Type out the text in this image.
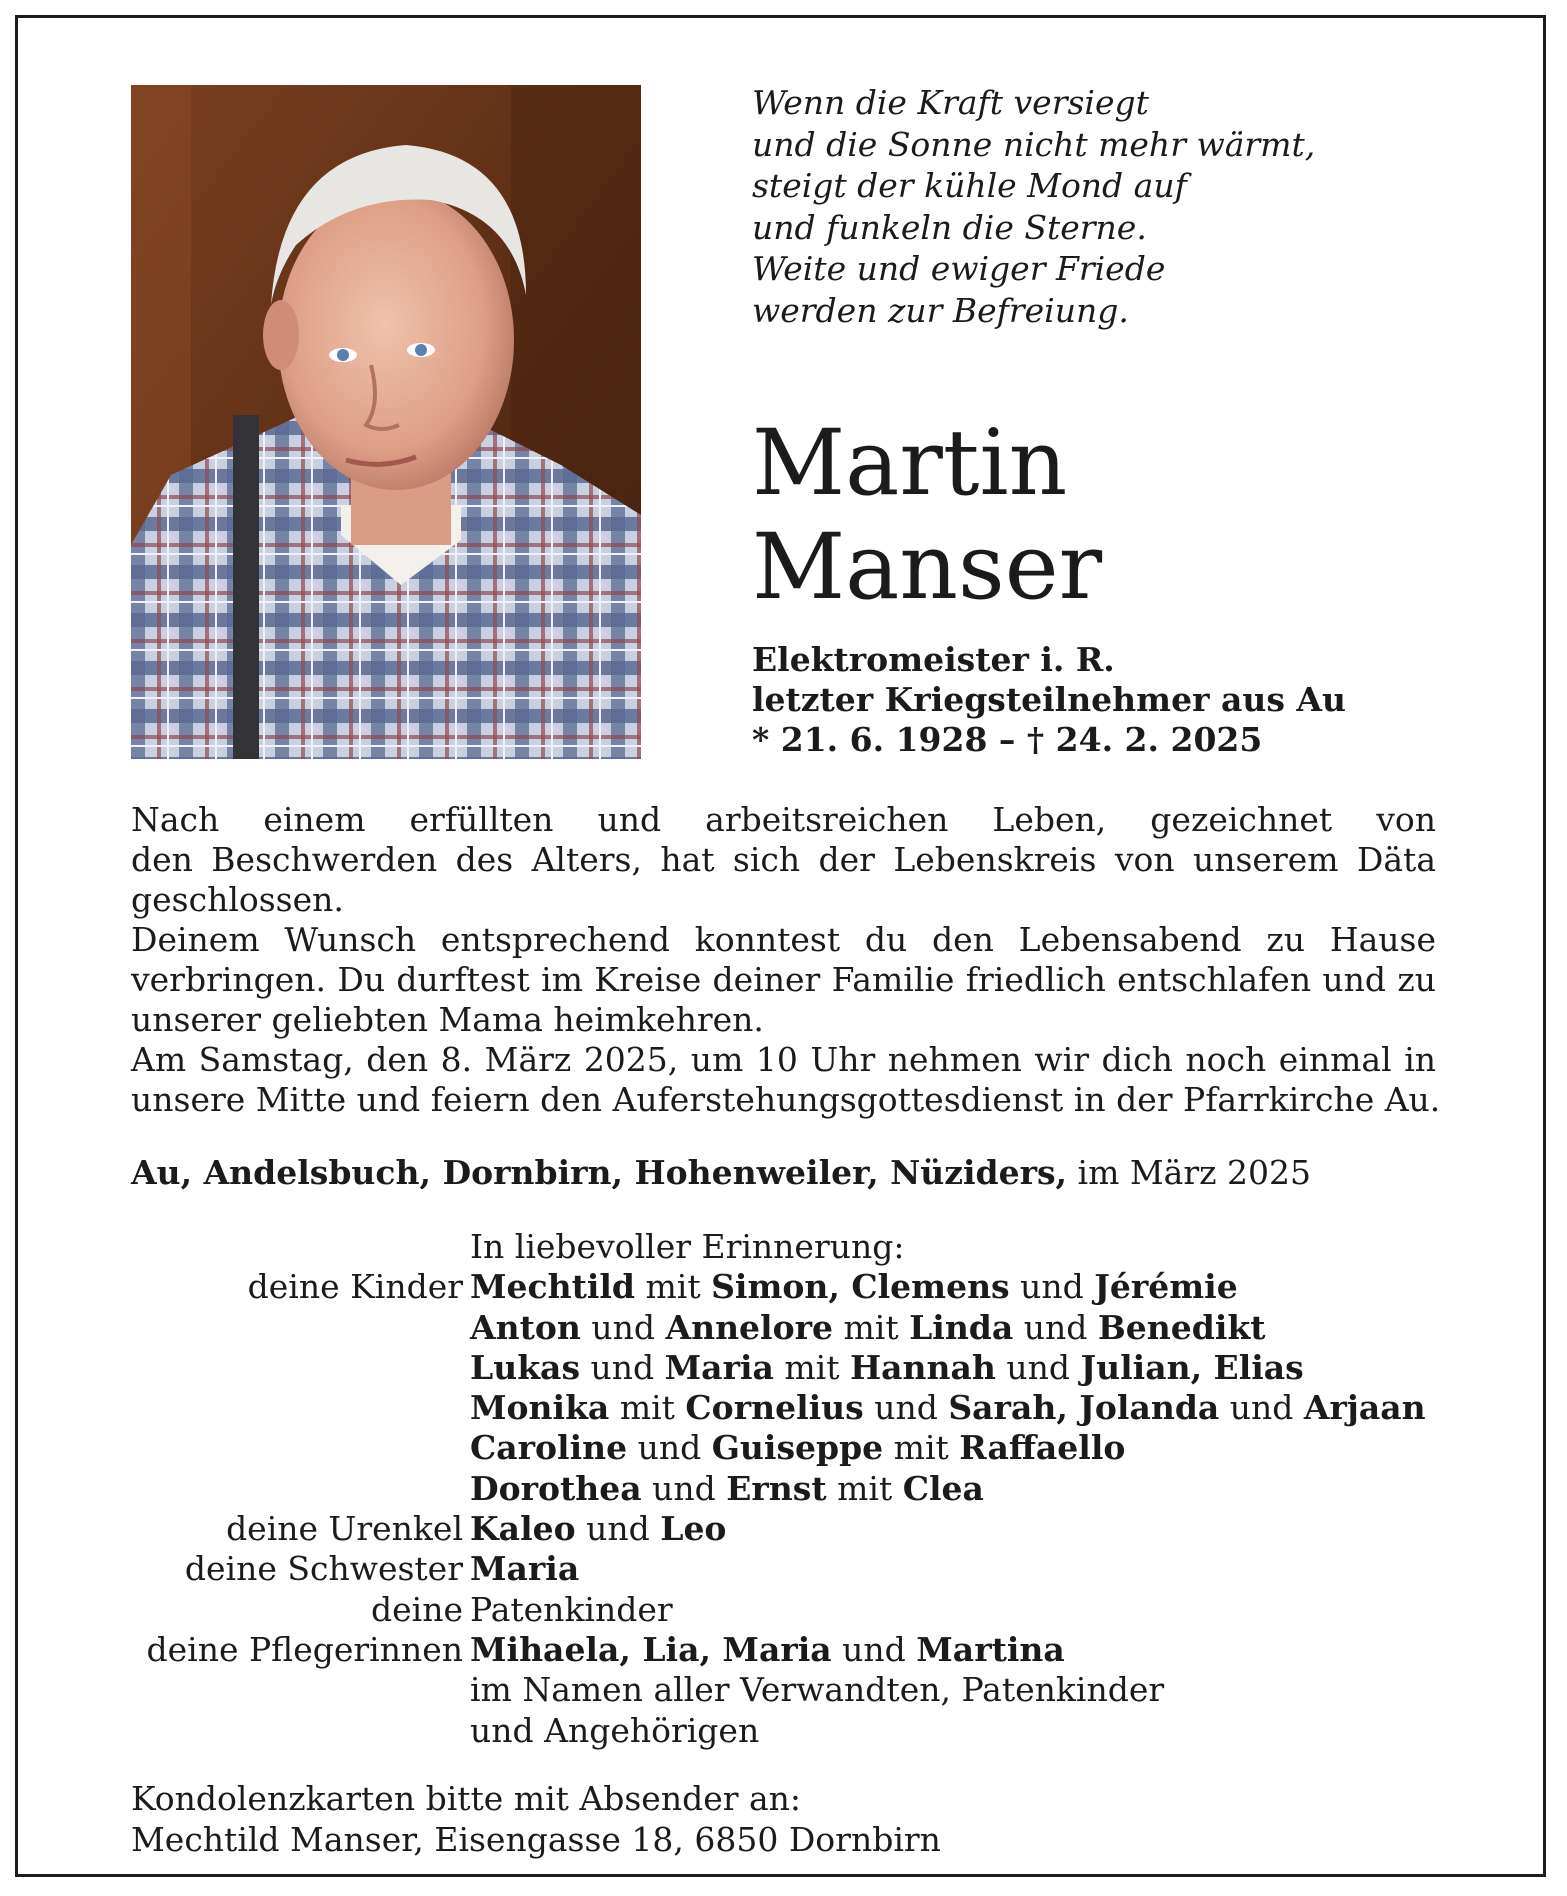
Wenn die Kraft versiegt
und die Sonne nicht mehr wärmt,
steigt der kühle Mond auf
und funkeln die Sterne.
Weite und ewiger Friede
werden zur Befreiung.
Martin
Manser
Elektromeister i. R.
letzter Kriegsteilnehmer aus Au
* 21. 6. 1928 – † 24. 2. 2025
Nach einem erfüllten und arbeitsreichen Leben, gezeichnet von
den Beschwerden des Alters, hat sich der Lebenskreis von unserem Däta
geschlossen.
Deinem Wunsch entsprechend konntest du den Lebensabend zu Hause
verbringen. Du durftest im Kreise deiner Familie friedlich entschlafen und zu
unserer geliebten Mama heimkehren.
Am Samstag, den 8. März 2025, um 10 Uhr nehmen wir dich noch einmal in
unsere Mitte und feiern den Auferstehungsgottesdienst in der Pfarrkirche Au.
Au, Andelsbuch, Dornbirn, Hohenweiler, Nüziders, im März 2025
In liebevoller Erinnerung:
deine Kinder Mechtild mit Simon, Clemens und Jérémie
Anton und Annelore mit Linda und Benedikt
Lukas und Maria mit Hannah und Julian, Elias
Monika mit Cornelius und Sarah, Jolanda und Arjaan
Caroline und Guiseppe mit Raffaello
Dorothea und Ernst mit Clea
deine Urenkel Kaleo und Leo
deine Schwester Maria
deine Patenkinder
deine Pflegerinnen Mihaela, Lia, Maria und Martina
im Namen aller Verwandten, Patenkinder
und Angehörigen
Kondolenzkarten bitte mit Absender an:
Mechtild Manser, Eisengasse 18, 6850 Dornbirn
